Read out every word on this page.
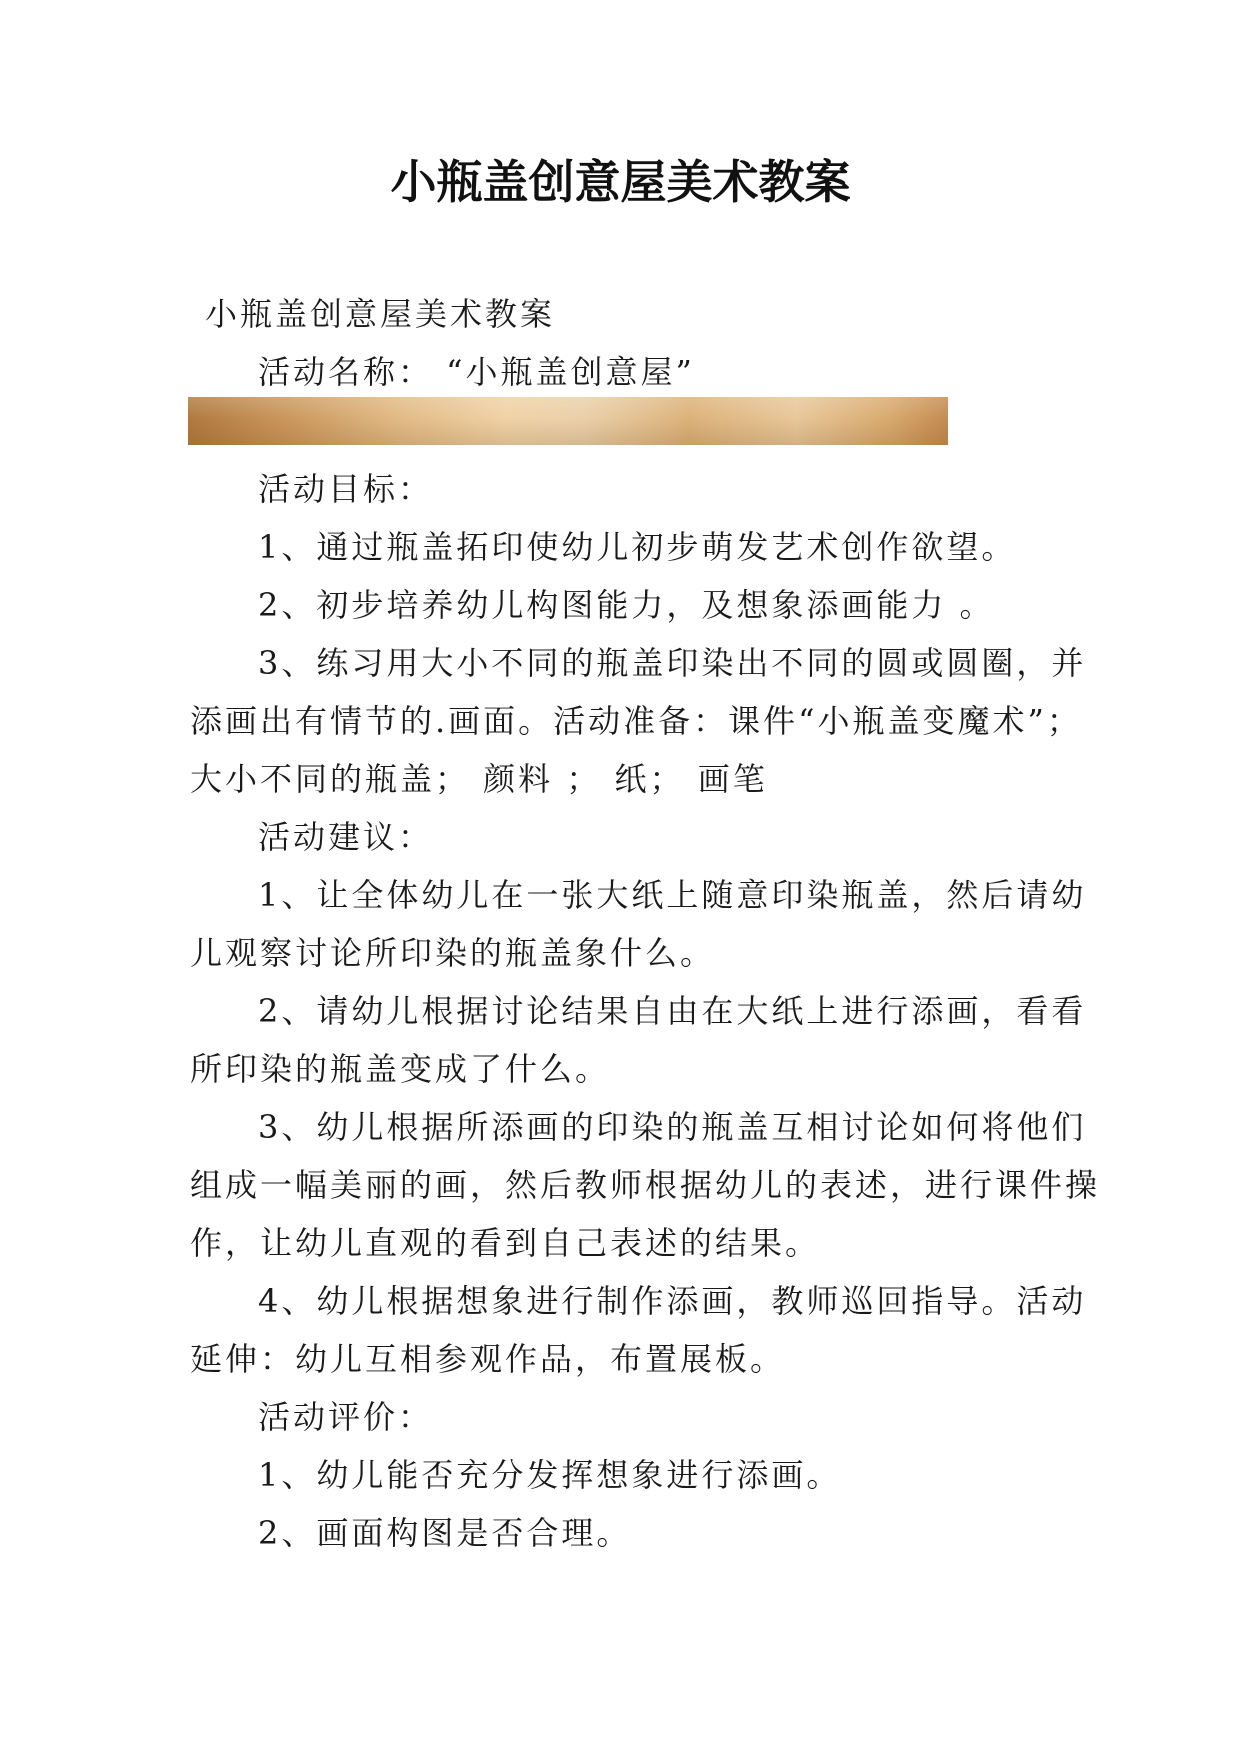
小瓶盖创意屋美术教案
小瓶盖创意屋美术教案
活动名称： “小瓶盖创意屋”
活动目标：
1、通过瓶盖拓印使幼儿初步萌发艺术创作欲望。
2、初步培养幼儿构图能力，及想象添画能力 。
3、练习用大小不同的瓶盖印染出不同的圆或圆圈，并
添画出有情节的.画面。活动准备：课件“小瓶盖变魔术”；
大小不同的瓶盖； 颜料 ； 纸； 画笔
活动建议：
1、让全体幼儿在一张大纸上随意印染瓶盖，然后请幼
儿观察讨论所印染的瓶盖象什么。
2、请幼儿根据讨论结果自由在大纸上进行添画，看看
所印染的瓶盖变成了什么。
3、幼儿根据所添画的印染的瓶盖互相讨论如何将他们
组成一幅美丽的画，然后教师根据幼儿的表述，进行课件操
作，让幼儿直观的看到自己表述的结果。
4、幼儿根据想象进行制作添画，教师巡回指导。活动
延伸：幼儿互相参观作品，布置展板。
活动评价：
1、幼儿能否充分发挥想象进行添画。
2、画面构图是否合理。
